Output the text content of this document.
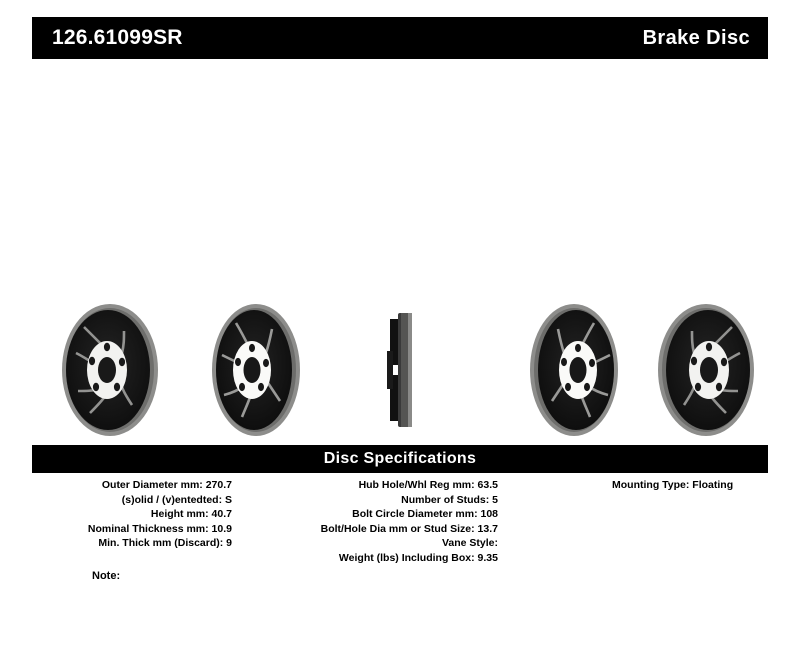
126.61099SR	Brake Disc
Disc Specifications
Outer Diameter mm: 270.7
(s)olid / (v)entedted: S
Height mm: 40.7
Nominal Thickness mm: 10.9
Min. Thick mm (Discard): 9
Hub Hole/Whl Reg mm: 63.5
Number of Studs: 5
Bolt Circle Diameter mm: 108
Bolt/Hole Dia mm or Stud Size: 13.7
Vane Style:
Weight (lbs) Including Box: 9.35
Mounting Type: Floating
Note:
